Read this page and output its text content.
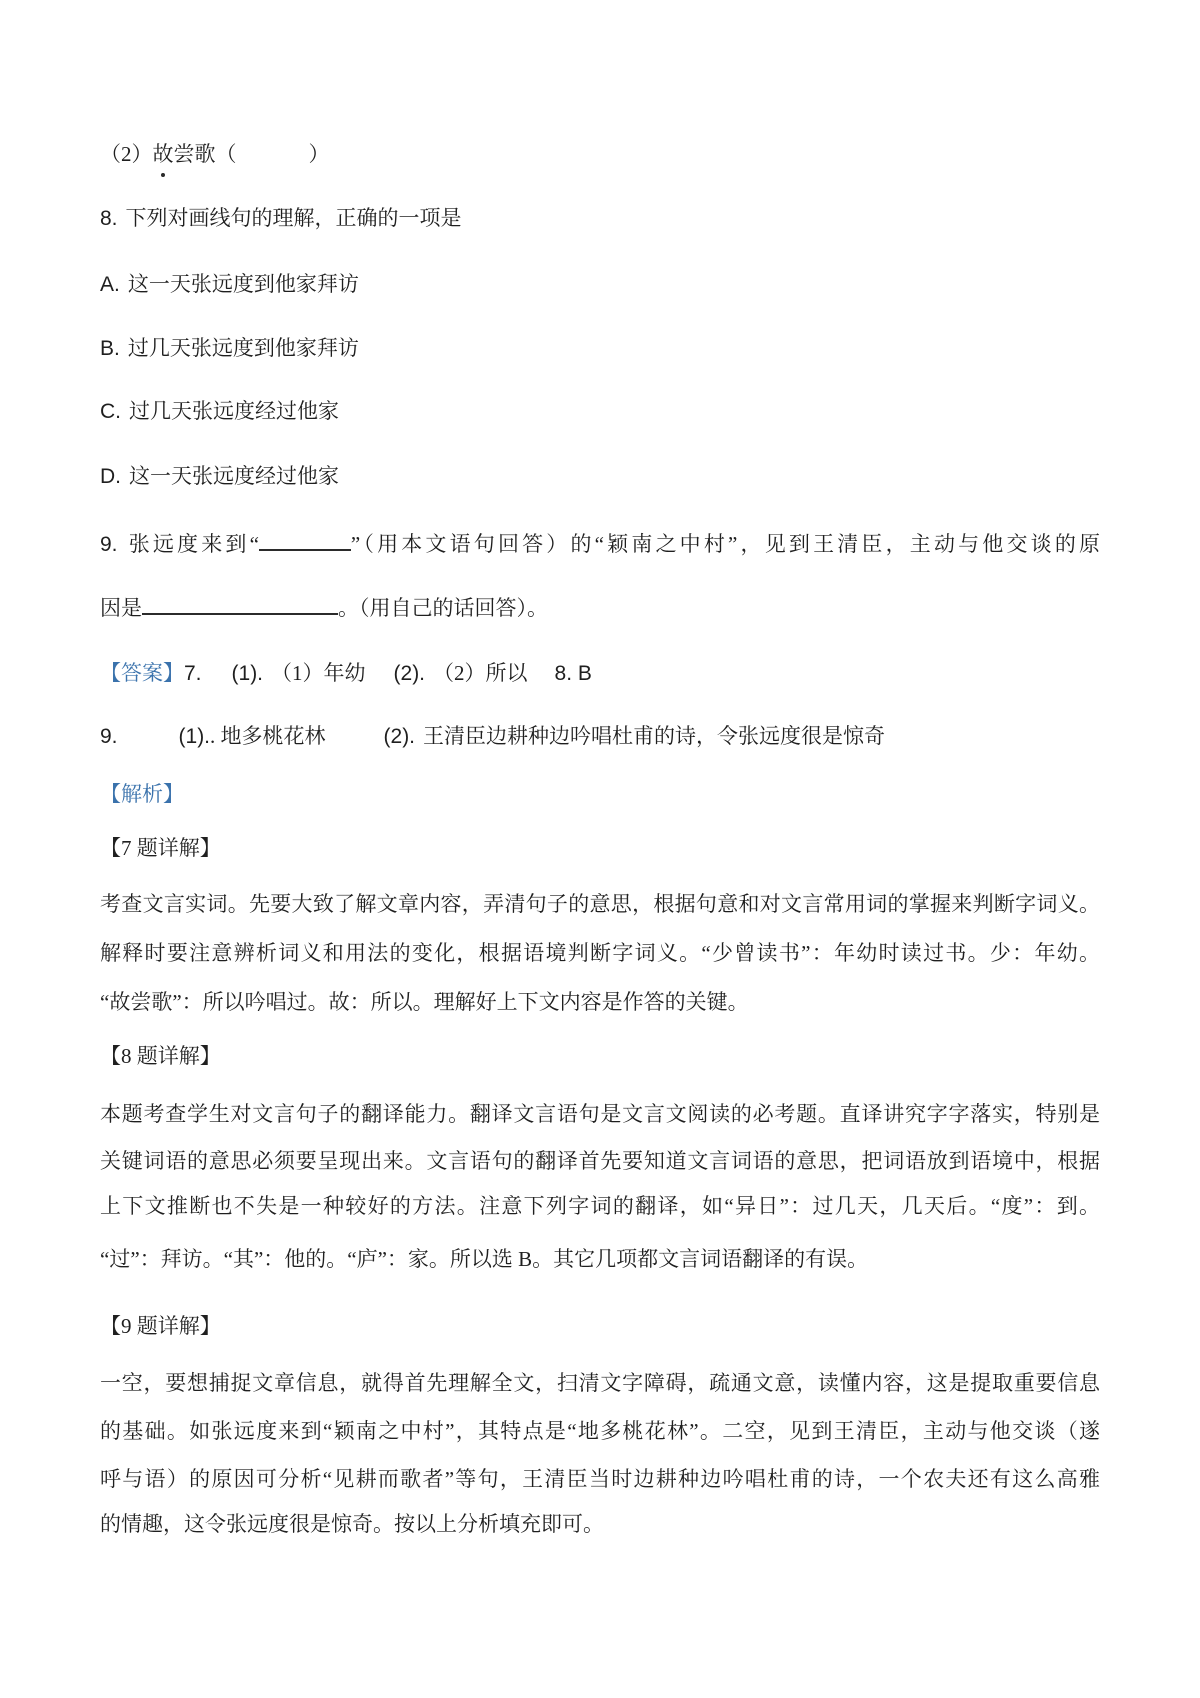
（2）故
尝歌（	）
8. 下列对画线句的理解，正确的一项是
A. 这一天张远度到他家拜访
B. 过几天张远度到他家拜访
C. 过几天张远度经过他家
D. 这一天张远度经过他家
9. 张远度来到“	”（用本文语句回答）的“颖南之中村”，见到王清臣，主动与他交谈的原
因是	。（用自己的话回答）。
【答案】7. (1). （1）年幼 (2). （2）所以 8. B
9.	(1).. 地多桃花林	(2). 王清臣边耕种边吟唱杜甫的诗，令张远度很是惊奇
【解析】
【7 题详解】
考查文言实词。先要大致了解文章内容，弄清句子的意思，根据句意和对文言常用词的掌握来判断字词义。
解释时要注意辨析词义和用法的变化，根据语境判断字词义。“少曾读书”：年幼时读过书。少：年幼。
“故尝歌”：所以吟唱过。故：所以。理解好上下文内容是作答的关键。
【8 题详解】
本题考查学生对文言句子的翻译能力。翻译文言语句是文言文阅读的必考题。直译讲究字字落实，特别是
关键词语的意思必须要呈现出来。文言语句的翻译首先要知道文言词语的意思，把词语放到语境中，根据
上下文推断也不失是一种较好的方法。注意下列字词的翻译，如“异日”：过几天，几天后。“度”：到。
“过”：拜访。“其”：他的。“庐”：家。所以选 B。其它几项都文言词语翻译的有误。
【9 题详解】
一空，要想捕捉文章信息，就得首先理解全文，扫清文字障碍，疏通文意，读懂内容，这是提取重要信息
的基础。如张远度来到“颖南之中村”，其特点是“地多桃花林”。二空，见到王清臣，主动与他交谈（遂
呼与语）的原因可分析“见耕而歌者”等句，王清臣当时边耕种边吟唱杜甫的诗，一个农夫还有这么高雅
的情趣，这令张远度很是惊奇。按以上分析填充即可。
